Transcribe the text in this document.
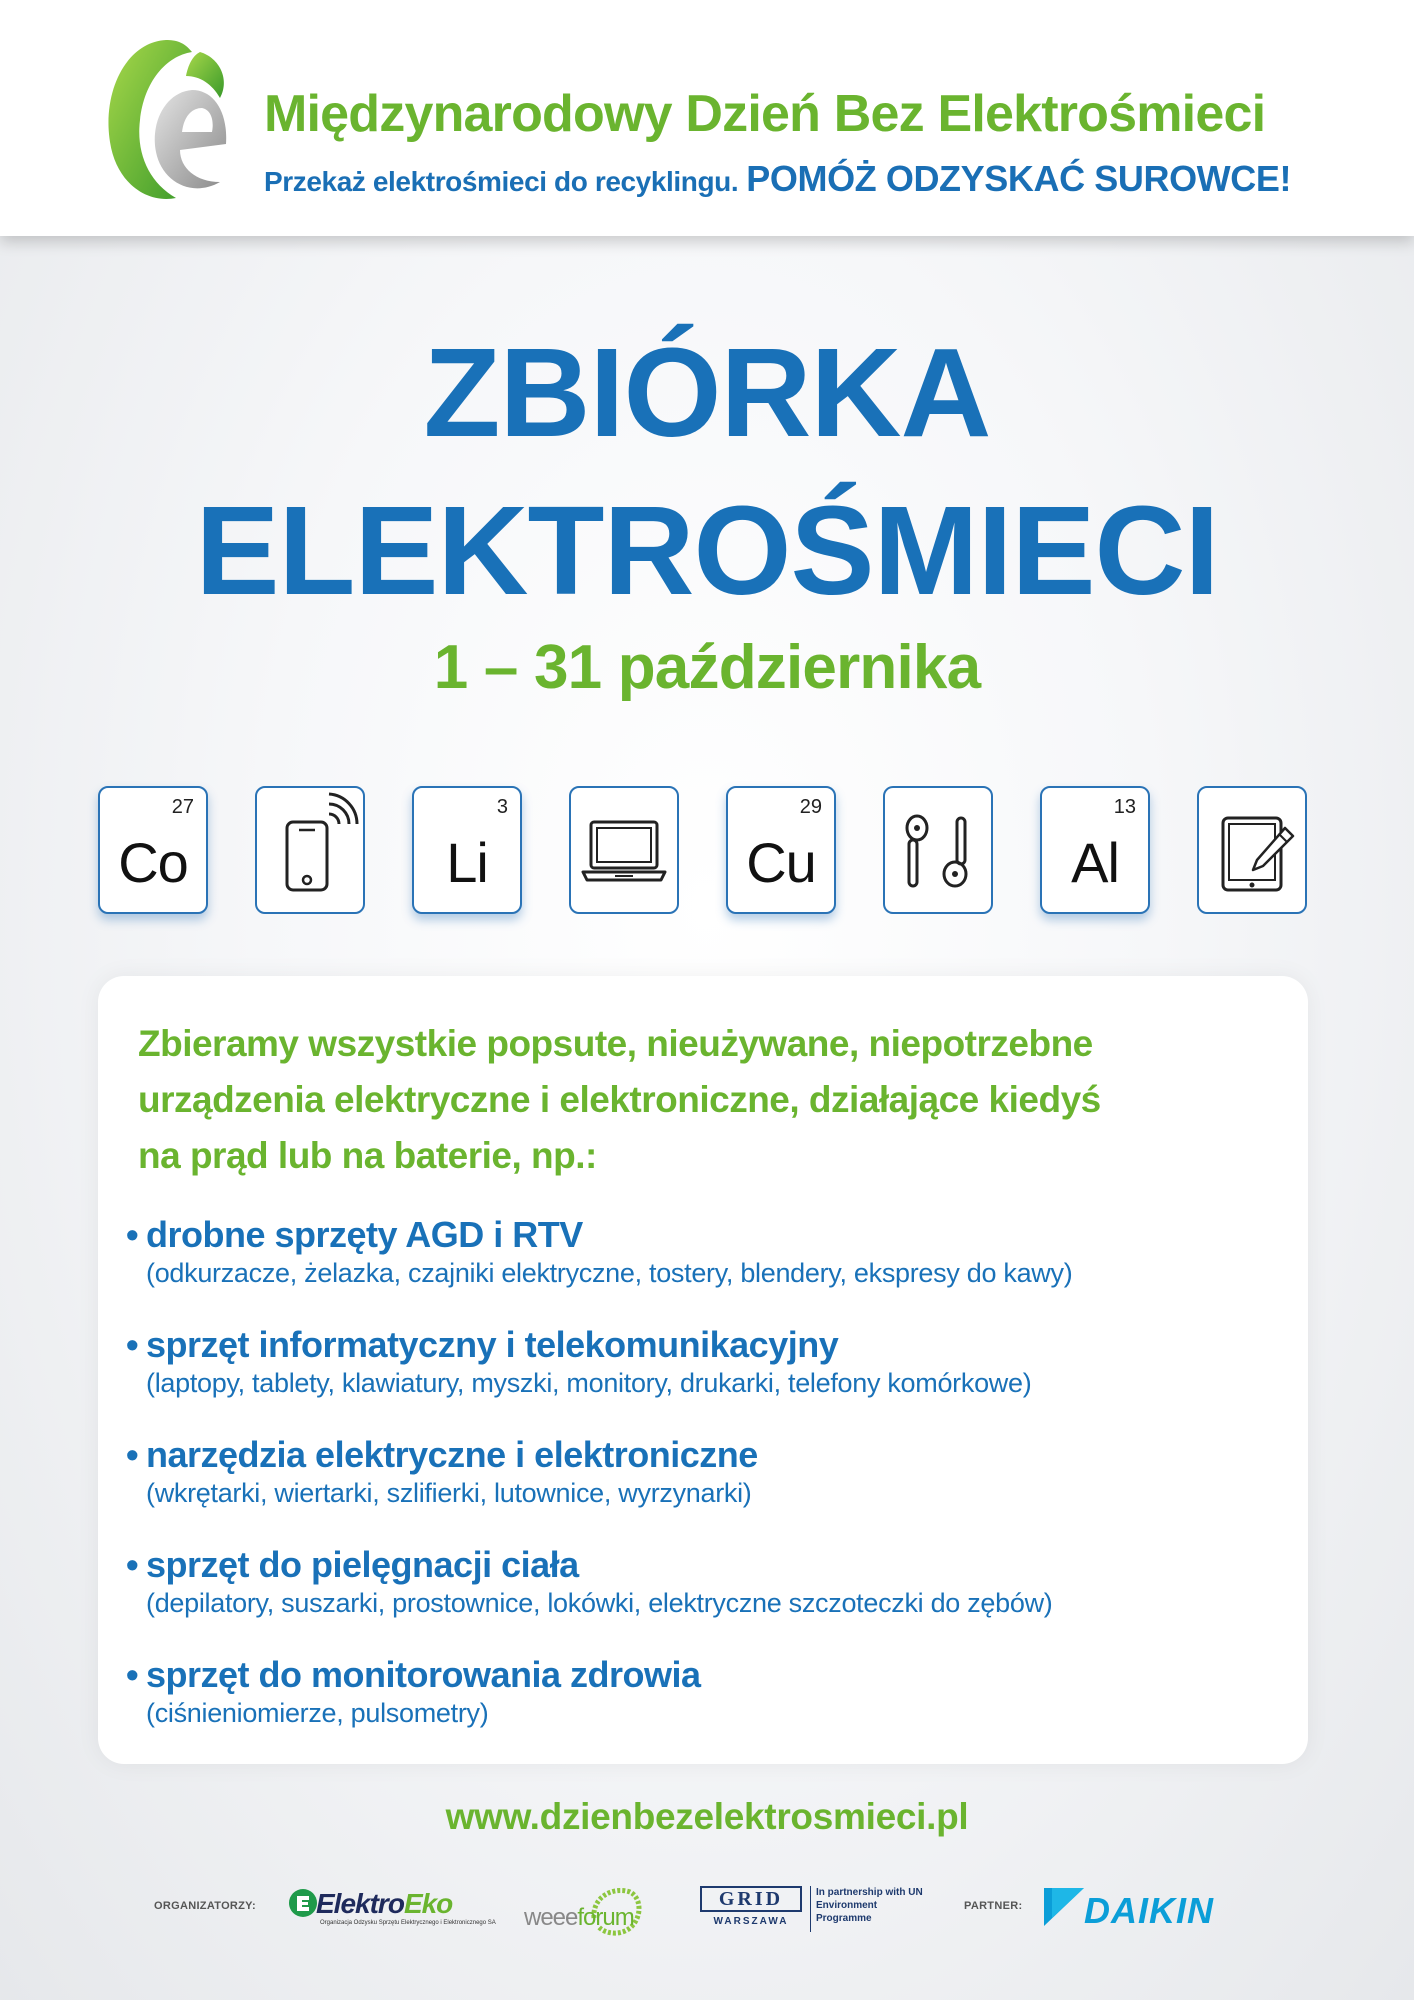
Międzynarodowy Dzień Bez Elektrośmieci
Przekaż elektrośmieci do recyklingu. POMÓŻ ODZYSKAĆ SUROWCE!
ZBIÓRKA
ELEKTROŚMIECI
1 – 31 października
27
Co
3
Li
29
Cu
13
Al
Zbieramy wszystkie popsute, nieużywane, niepotrzebne
urządzenia elektryczne i elektroniczne, działające kiedyś
na prąd lub na baterie, np.:
• drobne sprzęty AGD i RTV
(odkurzacze, żelazka, czajniki elektryczne, tostery, blendery, ekspresy do kawy)
• sprzęt informatyczny i telekomunikacyjny
(laptopy, tablety, klawiatury, myszki, monitory, drukarki, telefony komórkowe)
• narzędzia elektryczne i elektroniczne
(wkrętarki, wiertarki, szlifierki, lutownice, wyrzynarki)
• sprzęt do pielęgnacji ciała
(depilatory, suszarki, prostownice, lokówki, elektryczne szczoteczki do zębów)
• sprzęt do monitorowania zdrowia
(ciśnieniomierze, pulsometry)
www.dzienbezelektrosmieci.pl
ORGANIZATORZY: ElektroEko
Organizacja Odzysku Sprzętu Elektrycznego i Elektronicznego SA weeeforum
GRID
WARSZAWA
In partnership with UN Environment Programme
PARTNER: DAIKIN
